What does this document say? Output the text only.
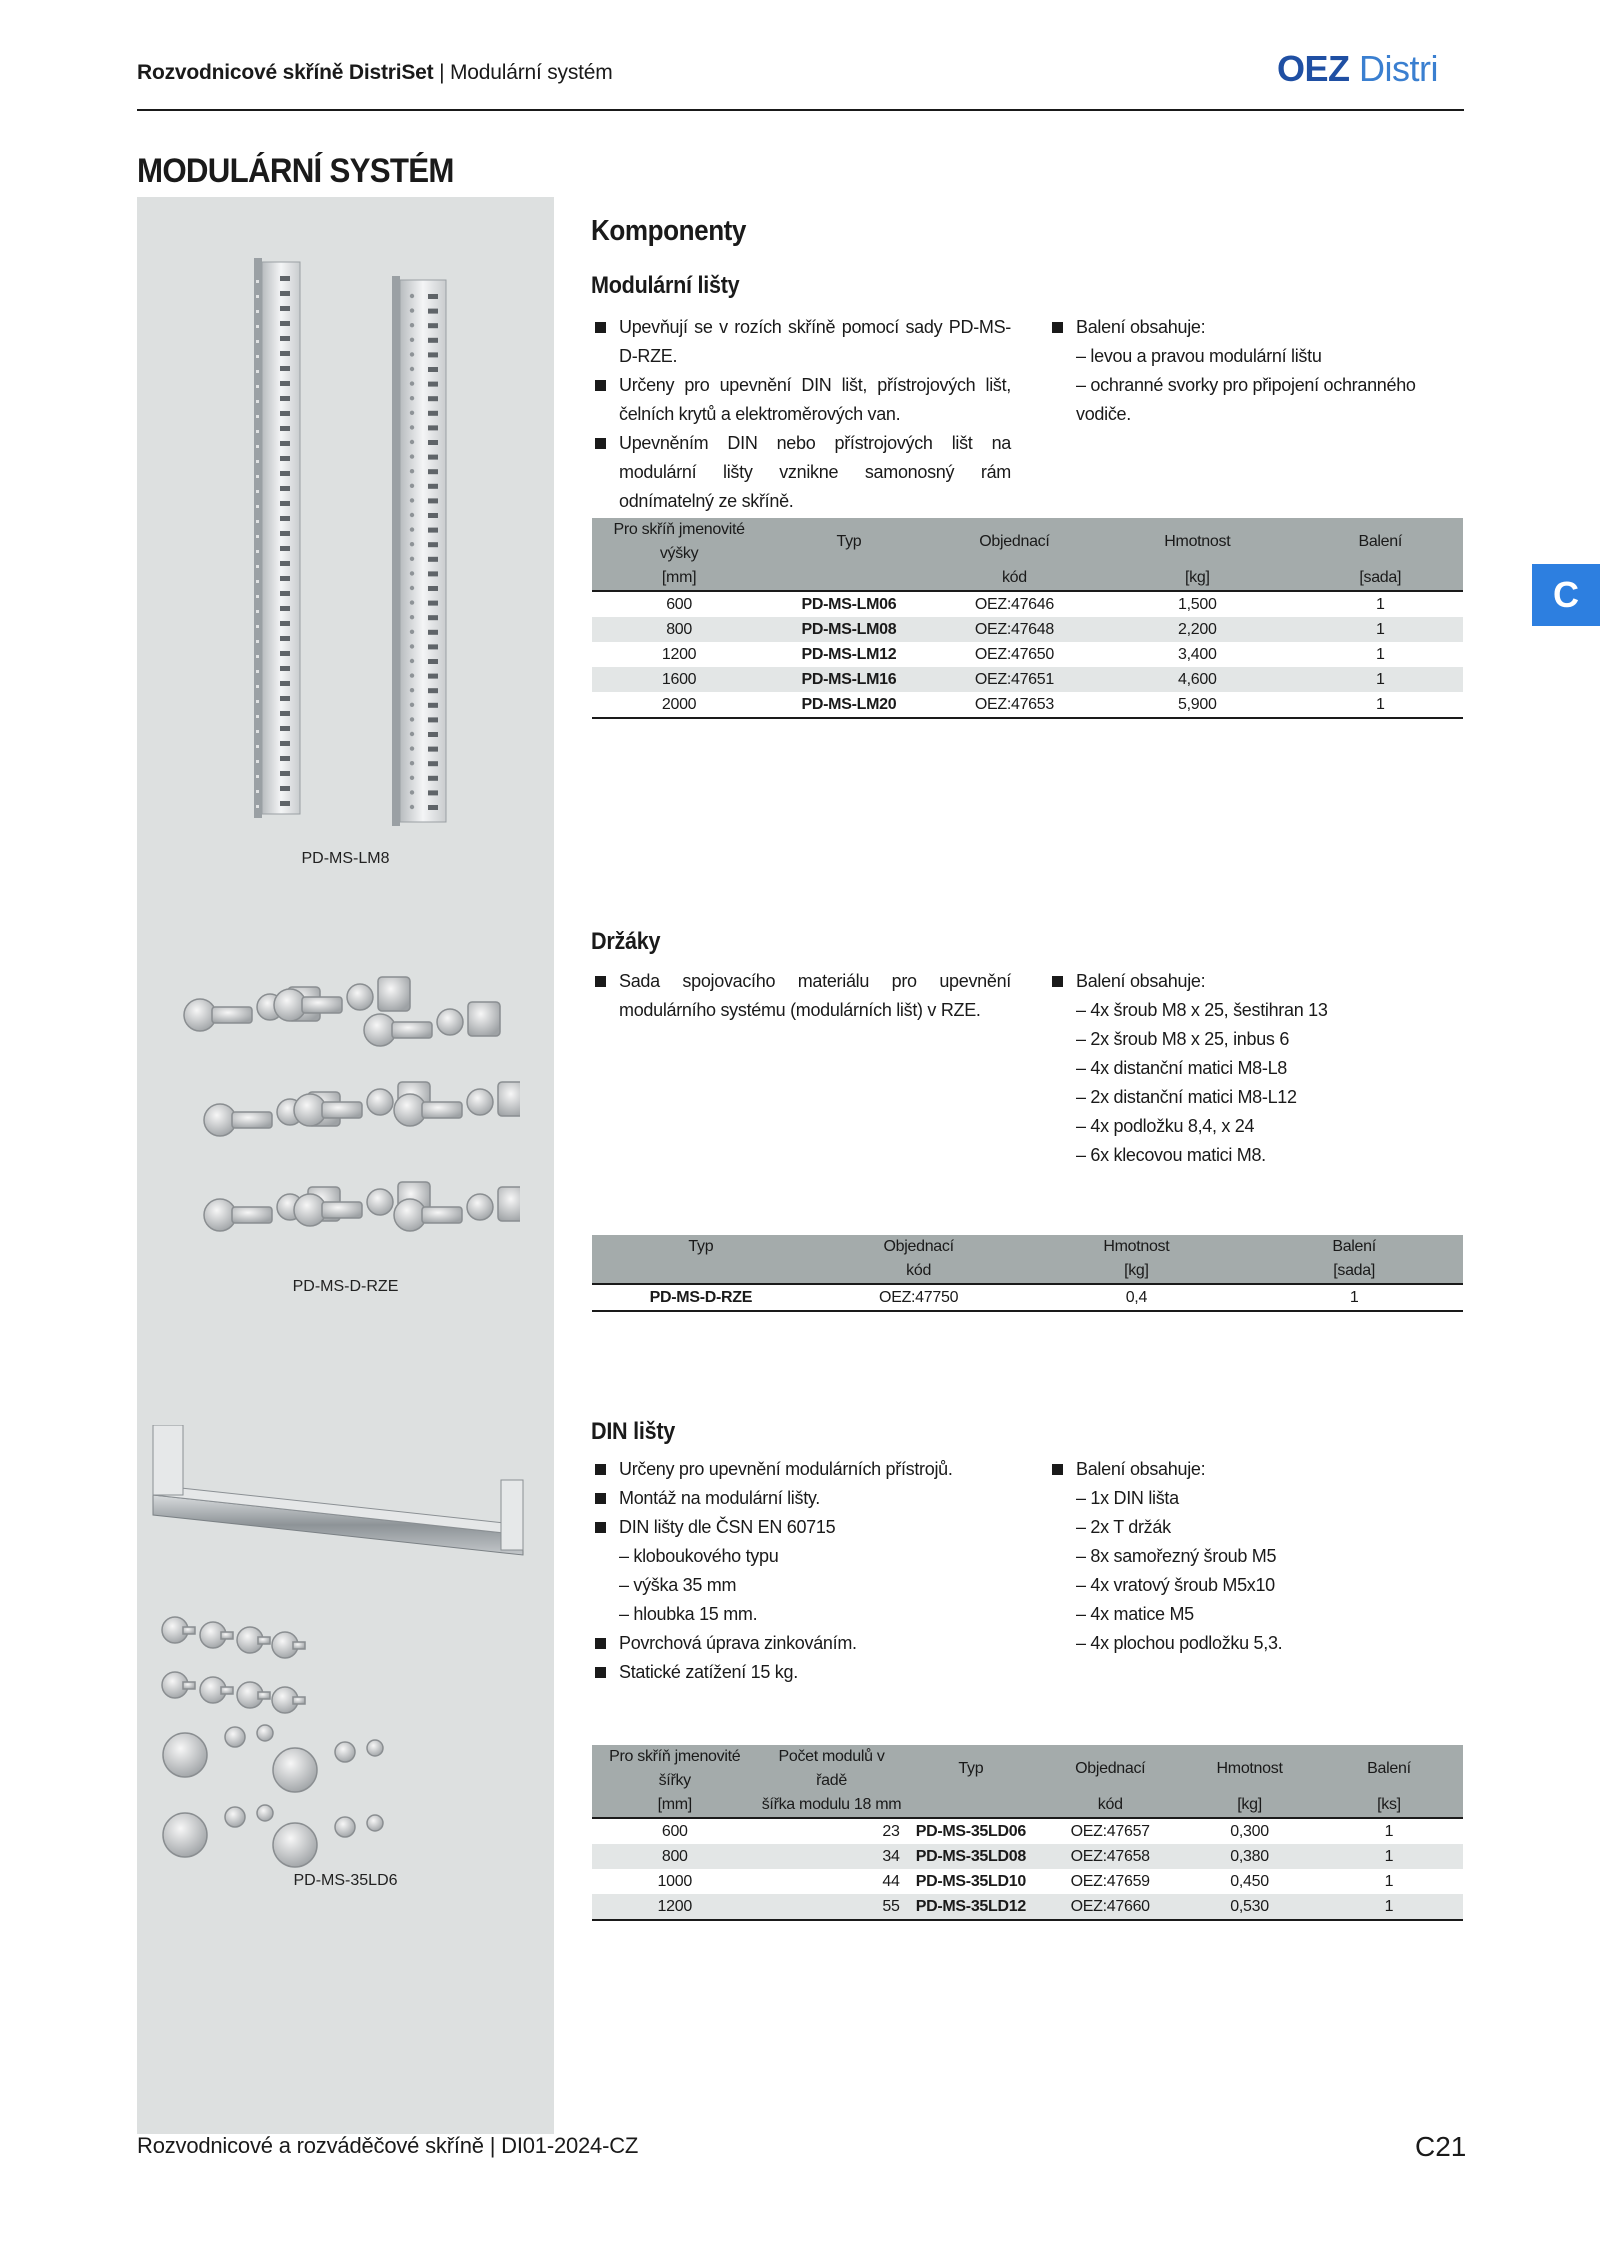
Rozvodnicové skříně DistriSet | Modulární systém	OEZ Distri
MODULÁRNÍ SYSTÉM
PD-MS-LM8
PD-MS-D-RZE
PD-MS-35LD6
C
Komponenty
Modulární lišty
Upevňují se v rozích skříně pomocí sady PD-MS-D-RZE.
Určeny pro upevnění DIN lišt, přístrojových lišt, čelních krytů a elektroměrových van.
Upevněním DIN nebo přístrojových lišt na modulární lišty vznikne samonosný rám odnímatelný ze skříně.
Balení obsahuje:
– levou a pravou modulární lištu
– ochranné svorky pro připojení ochranného vodiče.
Pro skříň jmenovité výšky	Typ	Objednací	Hmotnost	Balení
[mm]		kód	[kg]	[sada]
600	PD-MS-LM06	OEZ:47646	1,500	1
800	PD-MS-LM08	OEZ:47648	2,200	1
1200	PD-MS-LM12	OEZ:47650	3,400	1
1600	PD-MS-LM16	OEZ:47651	4,600	1
2000	PD-MS-LM20	OEZ:47653	5,900	1
Držáky
Sada spojovacího materiálu pro upevnění modulárního systému (modulárních lišt) v RZE.
Balení obsahuje:
– 4x šroub M8 x 25, šestihran 13
– 2x šroub M8 x 25, inbus 6
– 4x distanční matici M8-L8
– 2x distanční matici M8-L12
– 4x podložku 8,4, x 24
– 6x klecovou matici M8.
Typ	Objednací	Hmotnost	Balení
	kód	[kg]	[sada]
PD-MS-D-RZE	OEZ:47750	0,4	1
DIN lišty
Určeny pro upevnění modulárních přístrojů.
Montáž na modulární lišty.
DIN lišty dle ČSN EN 60715
– kloboukového typu
– výška 35 mm
– hloubka 15 mm.
Povrchová úprava zinkováním.
Statické zatížení 15 kg.
Balení obsahuje:
– 1x DIN lišta
– 2x T držák
– 8x samořezný šroub M5
– 4x vratový šroub M5x10
– 4x matice M5
– 4x plochou podložku 5,3.
Pro skříň jmenovité šířky	Počet modulů v řadě	Typ	Objednací	Hmotnost	Balení
[mm]	šířka modulu 18 mm		kód	[kg]	[ks]
600	23	PD-MS-35LD06	OEZ:47657	0,300	1
800	34	PD-MS-35LD08	OEZ:47658	0,380	1
1000	44	PD-MS-35LD10	OEZ:47659	0,450	1
1200	55	PD-MS-35LD12	OEZ:47660	0,530	1
Rozvodnicové a rozváděčové skříně | DI01-2024-CZ	C21
